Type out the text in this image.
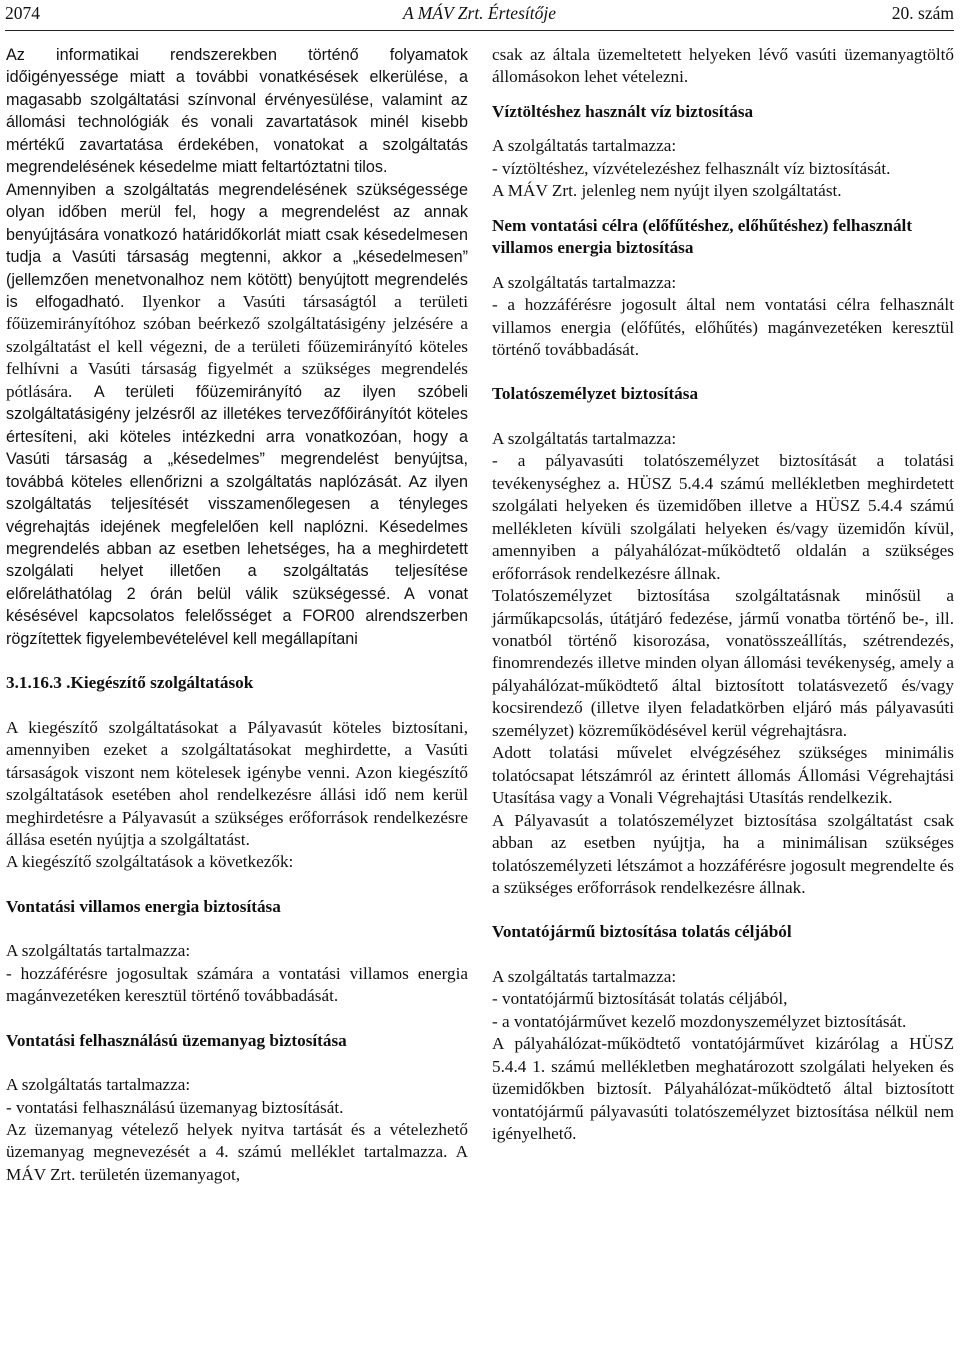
2074	A MÁV Zrt. Értesítője	20. szám

Az informatikai rendszerekben történő folyamatok időigényessége miatt a további vonatkésések elkerülése, a magasabb szolgáltatási színvonal érvényesülése, valamint az állomási technológiák és vonali zavartatások minél kisebb mértékű zavartatása érdekében, vonatokat a szolgáltatás megrendelésének késedelme miatt feltartóztatni tilos.

Amennyiben a szolgáltatás megrendelésének szükségessége olyan időben merül fel, hogy a megrendelést az annak benyújtására vonatkozó határidőkorlát miatt csak késedelmesen tudja a Vasúti társaság megtenni, akkor a „késedelmesen” (jellemzően menetvonalhoz nem kötött) benyújtott megrendelés is elfogadható. Ilyenkor a Vasúti társaságtól a területi főüzemirányítóhoz szóban beérkező szolgáltatásigény jelzésére a szolgáltatást el kell végezni, de a területi főüzemirányító köteles felhívni a Vasúti társaság figyelmét a szükséges megrendelés pótlására. A területi főüzemirányító az ilyen szóbeli szolgáltatásigény jelzésről az illetékes tervezőfőirányítót köteles értesíteni, aki köteles intézkedni arra vonatkozóan, hogy a Vasúti társaság a „késedelmes” megrendelést benyújtsa, továbbá köteles ellenőrizni a szolgáltatás naplózását. Az ilyen szolgáltatás teljesítését visszamenőlegesen a tényleges végrehajtás idejének megfelelően kell naplózni. Késedelmes megrendelés abban az esetben lehetséges, ha a meghirdetett szolgálati helyet illetően a szolgáltatás teljesítése előreláthatólag 2 órán belül válik szükségessé. A vonat késésével kapcsolatos felelősséget a FOR00 alrendszerben rögzítettek figyelembevételével kell megállapítani

3.1.16.3 .Kiegészítő szolgáltatások

A kiegészítő szolgáltatásokat a Pályavasút köteles biztosítani, amennyiben ezeket a szolgáltatásokat meghirdette, a Vasúti társaságok viszont nem kötelesek igénybe venni. Azon kiegészítő szolgáltatások esetében ahol rendelkezésre állási idő nem kerül meghirdetésre a Pályavasút a szükséges erőforrások rendelkezésre állása esetén nyújtja a szolgáltatást.

A kiegészítő szolgáltatások a következők:

Vontatási villamos energia biztosítása

A szolgáltatás tartalmazza:

- hozzáférésre jogosultak számára a vontatási villamos energia magánvezetéken keresztül történő továbbadását.

Vontatási felhasználású üzemanyag biztosítása

A szolgáltatás tartalmazza:

- vontatási felhasználású üzemanyag biztosítását.

Az üzemanyag vételező helyek nyitva tartását és a vételezhető üzemanyag megnevezését a 4. számú melléklet tartalmazza. A MÁV Zrt. területén üzemanyagot,

csak az általa üzemeltetett helyeken lévő vasúti üzemanyagtöltő állomásokon lehet vételezni.

Víztöltéshez használt víz biztosítása

A szolgáltatás tartalmazza:

- víztöltéshez, vízvételezéshez felhasznált víz biztosítását.

A MÁV Zrt. jelenleg nem nyújt ilyen szolgáltatást.

Nem vontatási célra (előfűtéshez, előhűtéshez) felhasznált villamos energia biztosítása

A szolgáltatás tartalmazza:

- a hozzáférésre jogosult által nem vontatási célra felhasznált villamos energia (előfűtés, előhűtés) magánvezetéken keresztül történő továbbadását.

Tolatószemélyzet biztosítása

A szolgáltatás tartalmazza:

- a pályavasúti tolatószemélyzet biztosítását a tolatási tevékenységhez a. HÜSZ 5.4.4 számú mellékletben meghirdetett szolgálati helyeken és üzemidőben illetve a HÜSZ 5.4.4 számú mellékleten kívüli szolgálati helyeken és/vagy üzemidőn kívül, amennyiben a pályahálózat-működtető oldalán a szükséges erőforrások rendelkezésre állnak.

Tolatószemélyzet biztosítása szolgáltatásnak minősül a járműkapcsolás, útátjáró fedezése, jármű vonatba történő be-, ill. vonatból történő kisorozása, vonatösszeállítás, szétrendezés, finomrendezés illetve minden olyan állomási tevékenység, amely a pályahálózat-működtető által biztosított tolatásvezető és/vagy kocsirendező (illetve ilyen feladatkörben eljáró más pályavasúti személyzet) közreműködésével kerül végrehajtásra.

Adott tolatási művelet elvégzéséhez szükséges minimális tolatócsapat létszámról az érintett állomás Állomási Végrehajtási Utasítása vagy a Vonali Végrehajtási Utasítás rendelkezik.

A Pályavasút a tolatószemélyzet biztosítása szolgáltatást csak abban az esetben nyújtja, ha a minimálisan szükséges tolatószemélyzeti létszámot a hozzáférésre jogosult megrendelte és a szükséges erőforrások rendelkezésre állnak.

Vontatójármű biztosítása tolatás céljából

A szolgáltatás tartalmazza:

- vontatójármű biztosítását tolatás céljából,

- a vontatójárművet kezelő mozdonyszemélyzet biztosítását.

A pályahálózat-működtető vontatójárművet kizárólag a HÜSZ 5.4.4 1. számú mellékletben meghatározott szolgálati helyeken és üzemidőkben biztosít. Pályahálózat-működtető által biztosított vontatójármű pályavasúti tolatószemélyzet biztosítása nélkül nem igényelhető.
